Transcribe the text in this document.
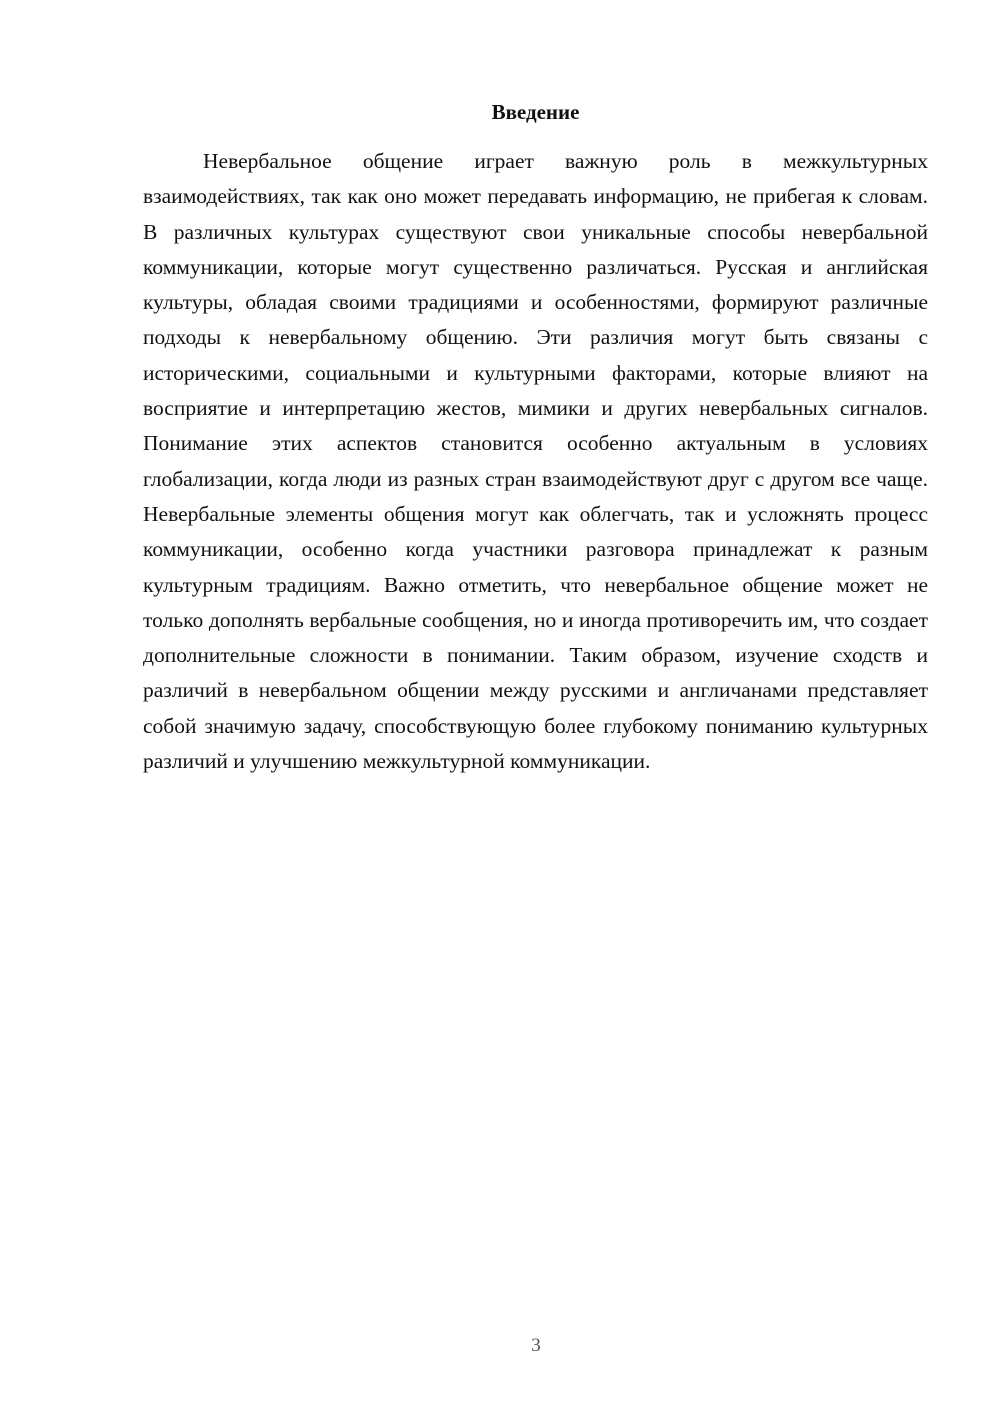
Введение

Невербальное общение играет важную роль в межкультурных взаимодействиях, так как оно может передавать информацию, не прибегая к словам. В различных культурах существуют свои уникальные способы невербальной коммуникации, которые могут существенно различаться. Русская и английская культуры, обладая своими традициями и особенностями, формируют различные подходы к невербальному общению. Эти различия могут быть связаны с историческими, социальными и культурными факторами, которые влияют на восприятие и интерпретацию жестов, мимики и других невербальных сигналов. Понимание этих аспектов становится особенно актуальным в условиях глобализации, когда люди из разных стран взаимодействуют друг с другом все чаще. Невербальные элементы общения могут как облегчать, так и усложнять процесс коммуникации, особенно когда участники разговора принадлежат к разным культурным традициям. Важно отметить, что невербальное общение может не только дополнять вербальные сообщения, но и иногда противоречить им, что создает дополнительные сложности в понимании. Таким образом, изучение сходств и различий в невербальном общении между русскими и англичанами представляет собой значимую задачу, способствующую более глубокому пониманию культурных различий и улучшению межкультурной коммуникации.

3
